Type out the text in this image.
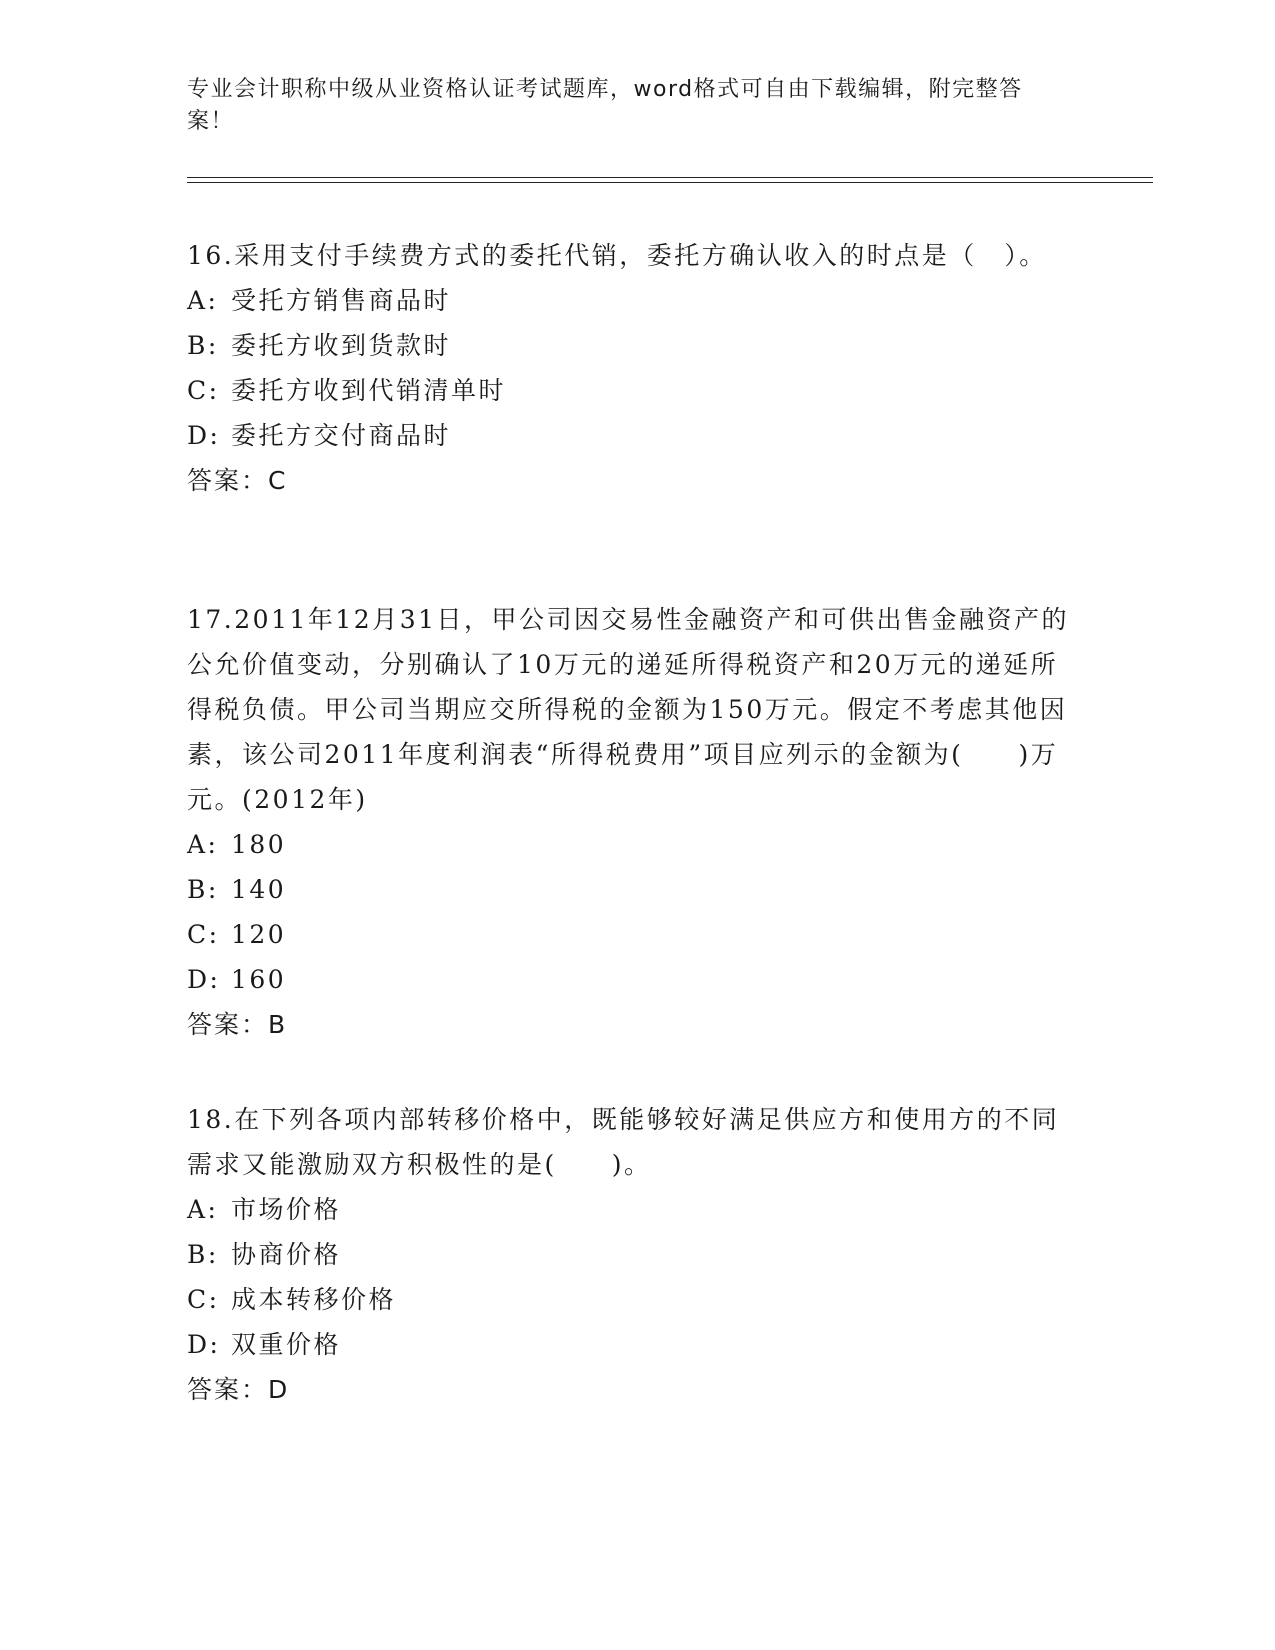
专业会计职称中级从业资格认证考试题库，word格式可自由下载编辑，附完整答案！

16.采用支付手续费方式的委托代销，委托方确认收入的时点是（　）。

A: 受托方销售商品时

B: 委托方收到货款时

C: 委托方收到代销清单时

D: 委托方交付商品时

答案：C

17.2011年12月31日，甲公司因交易性金融资产和可供出售金融资产的公允价值变动，分别确认了10万元的递延所得税资产和20万元的递延所得税负债。甲公司当期应交所得税的金额为150万元。假定不考虑其他因素，该公司2011年度利润表“所得税费用”项目应列示的金额为(　　)万元。(2012年)

A: 180

B: 140

C: 120

D: 160

答案：B

18.在下列各项内部转移价格中，既能够较好满足供应方和使用方的不同需求又能激励双方积极性的是(　　)。

A: 市场价格

B: 协商价格

C: 成本转移价格

D: 双重价格

答案：D
